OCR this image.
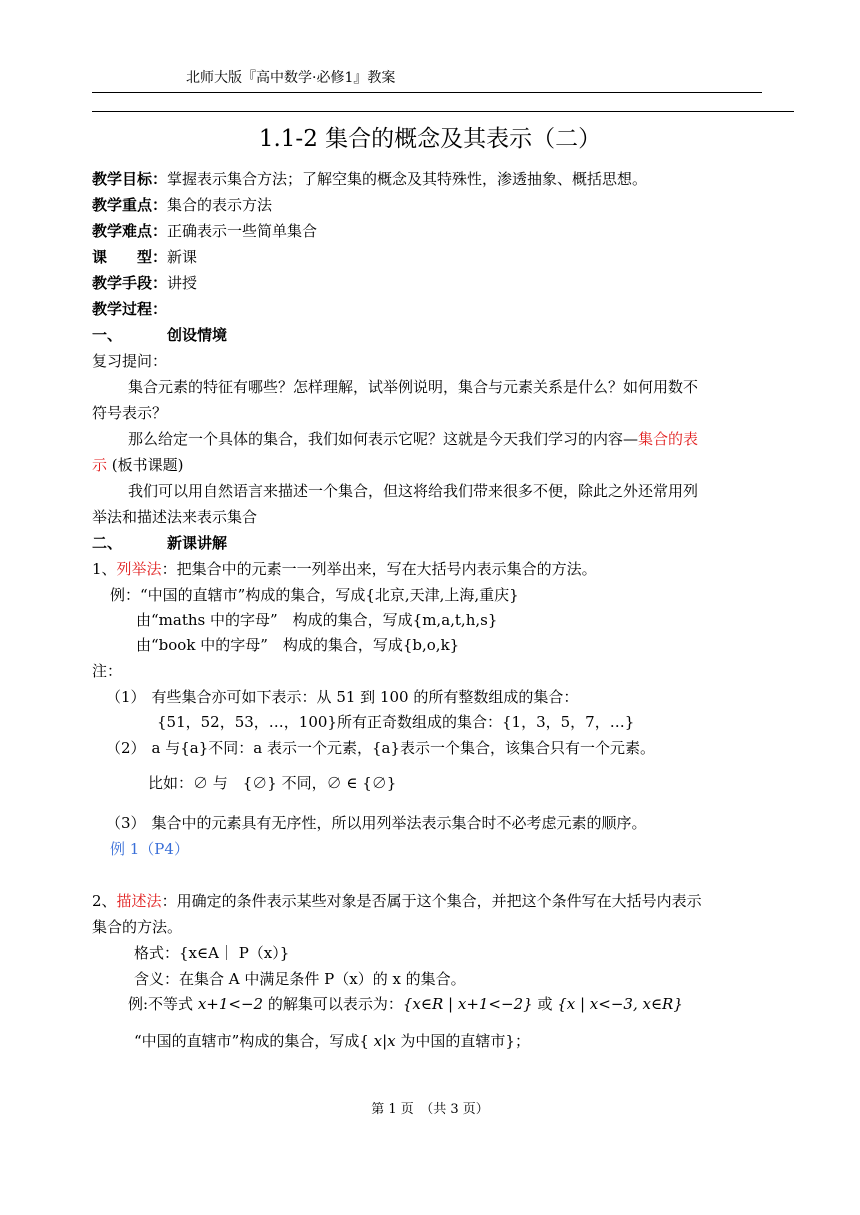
北师大版『高中数学·必修1』教案
1.1-2 集合的概念及其表示（二）
教学目标：掌握表示集合方法；了解空集的概念及其特殊性，渗透抽象、概括思想。
教学重点：集合的表示方法
教学难点：正确表示一些简单集合
课　　型：新课
教学手段：讲授
教学过程：
一、	创设情境
复习提问：
集合元素的特征有哪些？怎样理解，试举例说明，集合与元素关系是什么？如何用数不
符号表示？
那么给定一个具体的集合，我们如何表示它呢？这就是今天我们学习的内容—集合的表
示 (板书课题)
我们可以用自然语言来描述一个集合，但这将给我们带来很多不便，除此之外还常用列
举法和描述法来表示集合
二、	新课讲解
1、列举法：把集合中的元素一一列举出来，写在大括号内表示集合的方法。
例：“中国的直辖市”构成的集合，写成{北京,天津,上海,重庆}
由“maths 中的字母”　构成的集合，写成{m,a,t,h,s}
由“book 中的字母”　构成的集合，写成{b,o,k}
注：
（1） 有些集合亦可如下表示：从 51 到 100 的所有整数组成的集合：
{51，52，53，…，100}所有正奇数组成的集合：{1，3，5，7，…}
（2） a 与{a}不同：a 表示一个元素，{a}表示一个集合，该集合只有一个元素。
比如：∅ 与　{∅} 不同，∅ ∈ {∅}
（3） 集合中的元素具有无序性，所以用列举法表示集合时不必考虑元素的顺序。
例 1（P4）
2、描述法：用确定的条件表示某些对象是否属于这个集合，并把这个条件写在大括号内表示
集合的方法。
格式：{x∈A｜ P（x）}
含义：在集合 A 中满足条件 P（x）的 x 的集合。
例:不等式 x+1<−2 的解集可以表示为：{x∈R | x+1<−2} 或 {x | x<−3, x∈R}
“中国的直辖市”构成的集合，写成{ x|x 为中国的直辖市}；
第 1 页　（共 3 页）
